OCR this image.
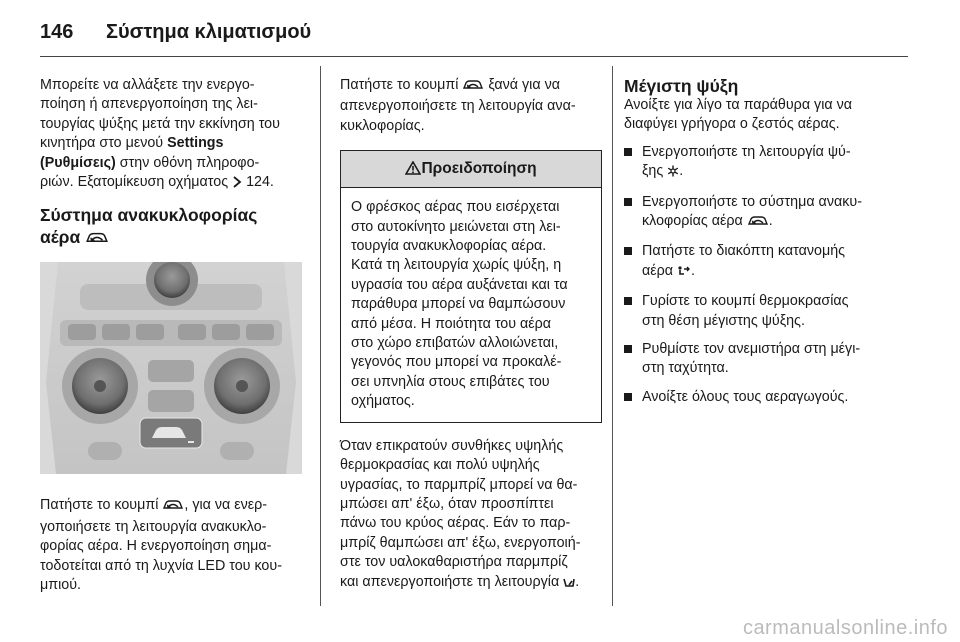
146	Σύστημα κλιματισμού

Μπορείτε να αλλάξετε την ενεργο-

ποίηση ή απενεργοποίηση της λει-

τουργίας ψύξης μετά την εκκίνηση του

κινητήρα στο μενού Settings

(Ρυθμίσεις) στην οθόνη πληροφο-

ριών. Εξατομίκευση οχήματος  124.

Σύστημα ανακυκλοφορίας
αέρα

Πατήστε το κουμπί , για να ενερ-

γοποιήσετε τη λειτουργία ανακυκλο-

φορίας αέρα. Η ενεργοποίηση σημα-

τοδοτείται από τη λυχνία LED του κου-

μπιού.

Πατήστε το κουμπί  ξανά για να

απενεργοποιήσετε τη λειτουργία ανα-

κυκλοφορίας.

Προειδοποίηση

Ο φρέσκος αέρας που εισέρχεται

στο αυτοκίνητο μειώνεται στη λει-

τουργία ανακυκλοφορίας αέρα.

Κατά τη λειτουργία χωρίς ψύξη, η

υγρασία του αέρα αυξάνεται και τα

παράθυρα μπορεί να θαμπώσουν

από μέσα. Η ποιότητα του αέρα

στο χώρο επιβατών αλλοιώνεται,

γεγονός που μπορεί να προκαλέ-

σει υπνηλία στους επιβάτες του

οχήματος.

Όταν επικρατούν συνθήκες υψηλής

θερμοκρασίας και πολύ υψηλής

υγρασίας, το παρμπρίζ μπορεί να θα-

μπώσει απ' έξω, όταν προσπίπτει

πάνω του κρύος αέρας. Εάν το παρ-

μπρίζ θαμπώσει απ' έξω, ενεργοποιή-

στε τον υαλοκαθαριστήρα παρμπρίζ

και απενεργοποιήστε τη λειτουργία .

Μέγιστη ψύξη

Ανοίξτε για λίγο τα παράθυρα για να

διαφύγει γρήγορα ο ζεστός αέρας.

Ενεργοποιήστε τη λειτουργία ψύ-

ξης .

Ενεργοποιήστε το σύστημα ανακυ-

κλοφορίας αέρα .

Πατήστε το διακόπτη κατανομής

αέρα .

Γυρίστε το κουμπί θερμοκρασίας

στη θέση μέγιστης ψύξης.

Ρυθμίστε τον ανεμιστήρα στη μέγι-

στη ταχύτητα.

Ανοίξτε όλους τους αεραγωγούς.

carmanualsonline.info
